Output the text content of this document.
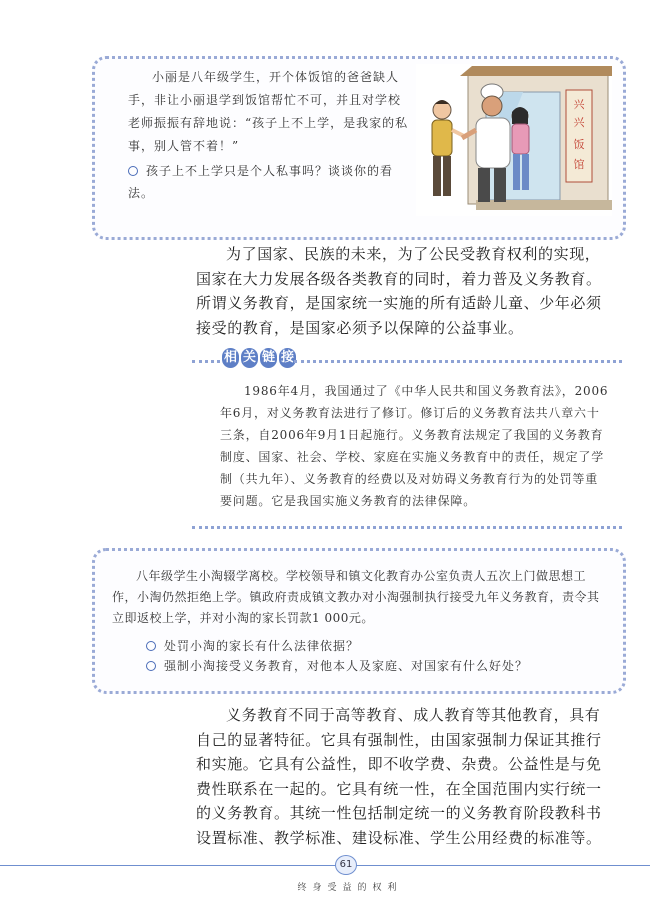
小丽是八年级学生，开个体饭馆的爸爸缺人手，非让小丽退学到饭馆帮忙不可，并且对学校老师振振有辞地说：“孩子上不上学，是我家的私事，别人管不着！”
孩子上不上学只是个人私事吗？谈谈你的看法。
兴
兴
饭
馆
为了国家、民族的未来，为了公民受教育权利的实现，国家在大力发展各级各类教育的同时，着力普及义务教育。所谓义务教育，是国家统一实施的所有适龄儿童、少年必须接受的教育，是国家必须予以保障的公益事业。
相 关 链 接
1986年4月，我国通过了《中华人民共和国义务教育法》，2006年6月，对义务教育法进行了修订。修订后的义务教育法共八章六十三条，自2006年9月1日起施行。义务教育法规定了我国的义务教育制度、国家、社会、学校、家庭在实施义务教育中的责任，规定了学制（共九年）、义务教育的经费以及对妨碍义务教育行为的处罚等重要问题。它是我国实施义务教育的法律保障。
八年级学生小淘辍学离校。学校领导和镇文化教育办公室负责人五次上门做思想工作，小淘仍然拒绝上学。镇政府责成镇文教办对小淘强制执行接受九年义务教育，责令其立即返校上学，并对小淘的家长罚款1 000元。
处罚小淘的家长有什么法律依据？
强制小淘接受义务教育，对他本人及家庭、对国家有什么好处？
义务教育不同于高等教育、成人教育等其他教育，具有自己的显著特征。它具有强制性，由国家强制力保证其推行和实施。它具有公益性，即不收学费、杂费。公益性是与免费性联系在一起的。它具有统一性，在全国范围内实行统一的义务教育。其统一性包括制定统一的义务教育阶段教科书设置标准、教学标准、建设标准、学生公用经费的标准等。
61
终身受益的权利
